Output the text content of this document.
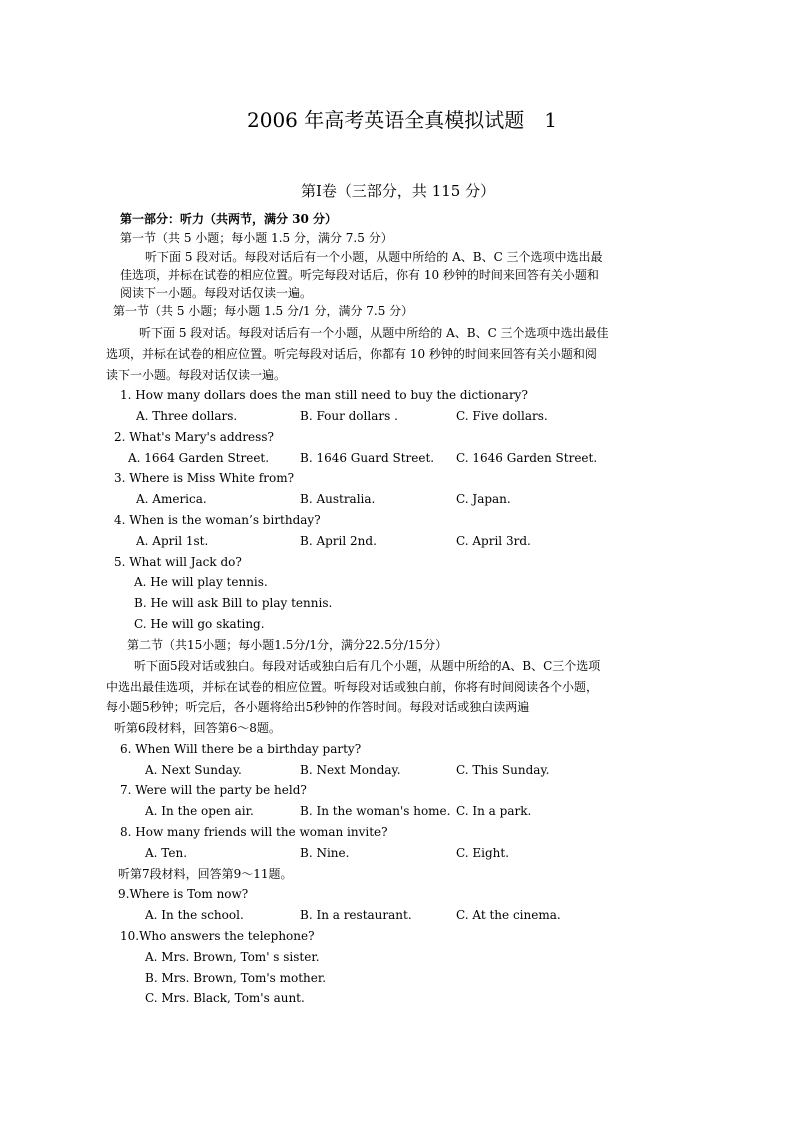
2006 年高考英语全真模拟试题　1
第Ⅰ卷（三部分，共 115 分）
第一部分：听力（共两节，满分 30 分）
第一节（共 5 小题；每小题 1.5 分，满分 7.5 分）
听下面 5 段对话。每段对话后有一个小题，从题中所给的 A、B、C 三个选项中选出最
佳选项，并标在试卷的相应位置。听完每段对话后，你有 10 秒钟的时间来回答有关小题和
阅读下一小题。每段对话仅读一遍。
第一节（共 5 小题；每小题 1.5 分/1 分，满分 7.5 分）
听下面 5 段对话。每段对话后有一个小题，从题中所给的 A、B、C 三个选项中选出最佳
选项，并标在试卷的相应位置。听完每段对话后，你都有 10 秒钟的时间来回答有关小题和阅
读下一小题。每段对话仅读一遍。
1. How many dollars does the man still need to buy the dictionary?
A. Three dollars.	B. Four dollars .	C. Five dollars.
2. What's Mary's address?
A. 1664 Garden Street.	B. 1646 Guard Street. C. 1646 Garden Street.
3. Where is Miss White from?
A. America.	B. Australia.	C. Japan.
4. When is the woman’s birthday?
A. April 1st.	B. April 2nd.	C. April 3rd.
5. What will Jack do?
A. He will play tennis.
B. He will ask Bill to play tennis.
C. He will go skating.
第二节（共15小题；每小题1.5分/1分，满分22.5分/15分）
听下面5段对话或独白。每段对话或独白后有几个小题，从题中所给的A、B、C三个选项
中选出最佳选项，并标在试卷的相应位置。听每段对话或独白前，你将有时间阅读各个小题，
每小题5秒钟；听完后，各小题将给出5秒钟的作答时间。每段对话或独白读两遍
听第6段材料，回答第6～8题。
6. When Will there be a birthday party?
A. Next Sunday.	B. Next Monday.	C. This Sunday.
7. Were will the party be held?
A. In the open air.	B. In the woman's home. C. In a park.
8. How many friends will the woman invite?
A. Ten.	B. Nine.	C. Eight.
听第7段材料，回答第9～11题。
9.Where is Tom now?
A. In the school.	B. In a restaurant.	C. At the cinema.
10.Who answers the telephone?
A. Mrs. Brown, Tom' s sister.
B. Mrs. Brown, Tom's mother.
C. Mrs. Black, Tom's aunt.
